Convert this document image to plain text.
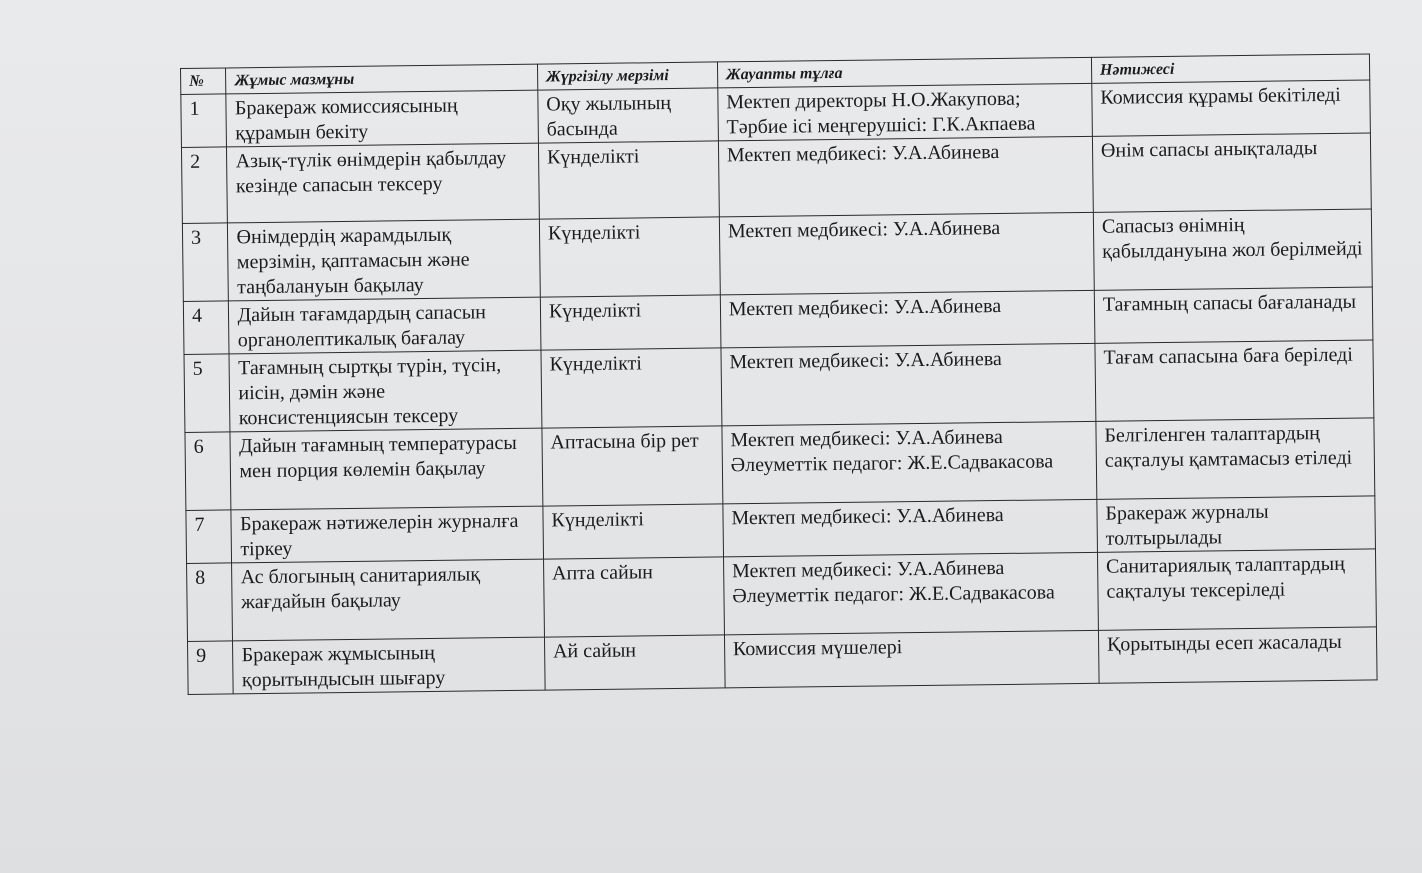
№	Жұмыс мазмұны	Жүргізілу мерзімі	Жауапты тұлға	Нәтижесі
1	Бракераж комиссиясының құрамын бекіту	Оқу жылының басында	Мектеп директоры Н.О.Жакупова; Тәрбие ісі меңгерушісі: Г.К.Акпаева	Комиссия құрамы бекітіледі
2	Азық-түлік өнімдерін қабылдау кезінде сапасын тексеру	Күнделікті	Мектеп медбикесі: У.А.Абинева	Өнім сапасы анықталады
3	Өнімдердің жарамдылық мерзімін, қаптамасын және таңбалануын бақылау	Күнделікті	Мектеп медбикесі: У.А.Абинева	Сапасыз өнімнің қабылдануына жол берілмейді
4	Дайын тағамдардың сапасын органолептикалық бағалау	Күнделікті	Мектеп медбикесі: У.А.Абинева	Тағамның сапасы бағаланады
5	Тағамның сыртқы түрін, түсін, иісін, дәмін және консистенциясын тексеру	Күнделікті	Мектеп медбикесі: У.А.Абинева	Тағам сапасына баға беріледі
6	Дайын тағамның температурасы мен порция көлемін бақылау	Аптасына бір рет	Мектеп медбикесі: У.А.Абинева Әлеуметтік педагог: Ж.Е.Садвакасова	Белгіленген талаптардың сақталуы қамтамасыз етіледі
7	Бракераж нәтижелерін журналға тіркеу	Күнделікті	Мектеп медбикесі: У.А.Абинева	Бракераж журналы толтырылады
8	Ас блогының санитариялық жағдайын бақылау	Апта сайын	Мектеп медбикесі: У.А.Абинева Әлеуметтік педагог: Ж.Е.Садвакасова	Санитариялық талаптардың сақталуы тексеріледі
9	Бракераж жұмысының қорытындысын шығару	Ай сайын	Комиссия мүшелері	Қорытынды есеп жасалады
